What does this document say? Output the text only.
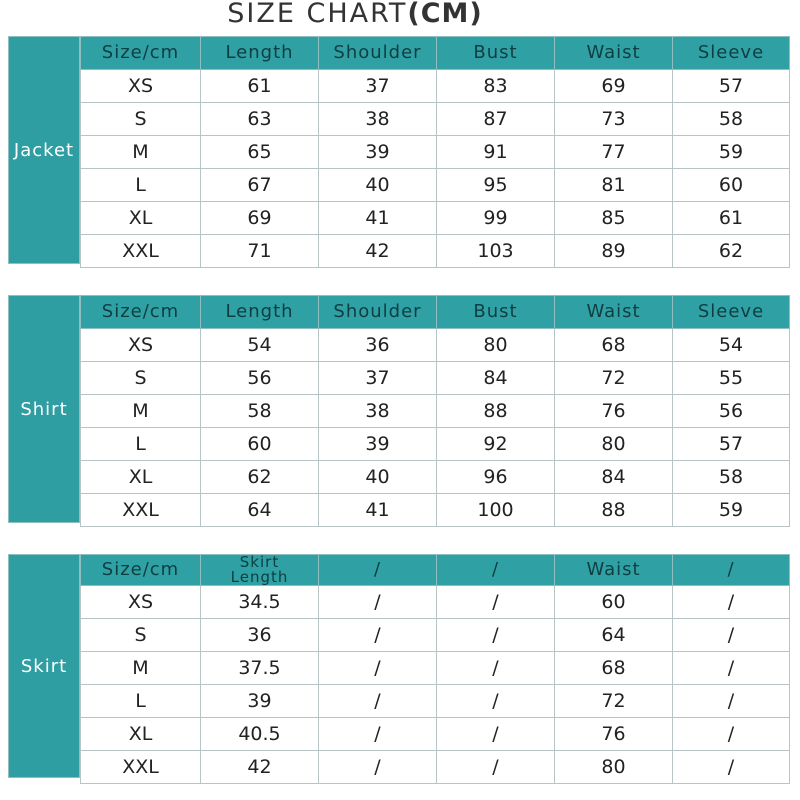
SIZE CHART(CM)
Jacket
Size/cm	Length	Shoulder	Bust	Waist	Sleeve
XS	61	37	83	69	57
S	63	38	87	73	58
M	65	39	91	77	59
L	67	40	95	81	60
XL	69	41	99	85	61
XXL	71	42	103	89	62
Shirt
Size/cm	Length	Shoulder	Bust	Waist	Sleeve
XS	54	36	80	68	54
S	56	37	84	72	55
M	58	38	88	76	56
L	60	39	92	80	57
XL	62	40	96	84	58
XXL	64	41	100	88	59
Skirt
Size/cm	Skirt Length	/	/	Waist	/
XS	34.5	/	/	60	/
S	36	/	/	64	/
M	37.5	/	/	68	/
L	39	/	/	72	/
XL	40.5	/	/	76	/
XXL	42	/	/	80	/
